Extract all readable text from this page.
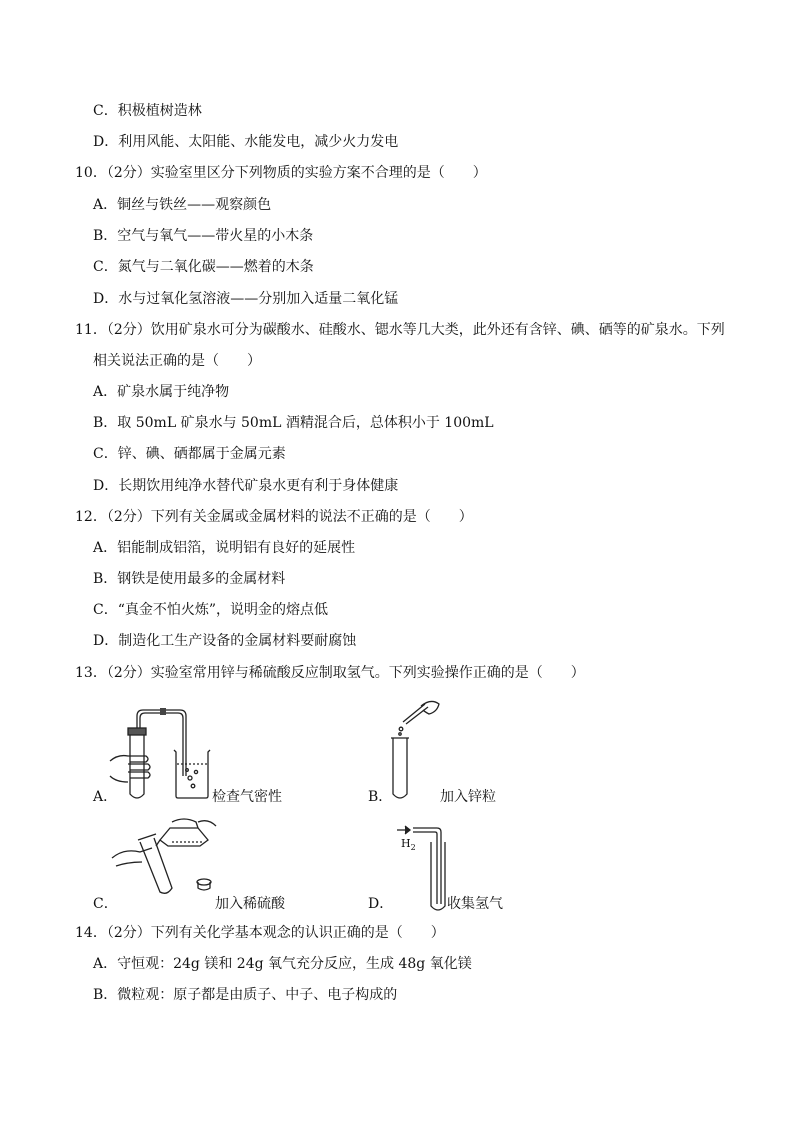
C．积极植树造林
D．利用风能、太阳能、水能发电，减少火力发电
10．（2分）实验室里区分下列物质的实验方案不合理的是（　　）
A．铜丝与铁丝——观察颜色
B．空气与氧气——带火星的小木条
C．氮气与二氧化碳——燃着的木条
D．水与过氧化氢溶液——分别加入适量二氧化锰
11．（2分）饮用矿泉水可分为碳酸水、硅酸水、锶水等几大类，此外还有含锌、碘、硒等的矿泉水。下列
相关说法正确的是（　　）
A．矿泉水属于纯净物
B．取 50mL 矿泉水与 50mL 酒精混合后，总体积小于 100mL
C．锌、碘、硒都属于金属元素
D．长期饮用纯净水替代矿泉水更有利于身体健康
12．（2分）下列有关金属或金属材料的说法不正确的是（　　）
A．铝能制成铝箔，说明铝有良好的延展性
B．钢铁是使用最多的金属材料
C．“真金不怕火炼”，说明金的熔点低
D．制造化工生产设备的金属材料要耐腐蚀
13．（2分）实验室常用锌与稀硫酸反应制取氢气。下列实验操作正确的是（　　）
A．	检查气密性	B．	加入锌粒
C．	加入稀硫酸
$H_2$
D．	收集氢气
14．（2分）下列有关化学基本观念的认识正确的是（　　）
A．守恒观：24g 镁和 24g 氧气充分反应，生成 48g 氧化镁
B．微粒观：原子都是由质子、中子、电子构成的
